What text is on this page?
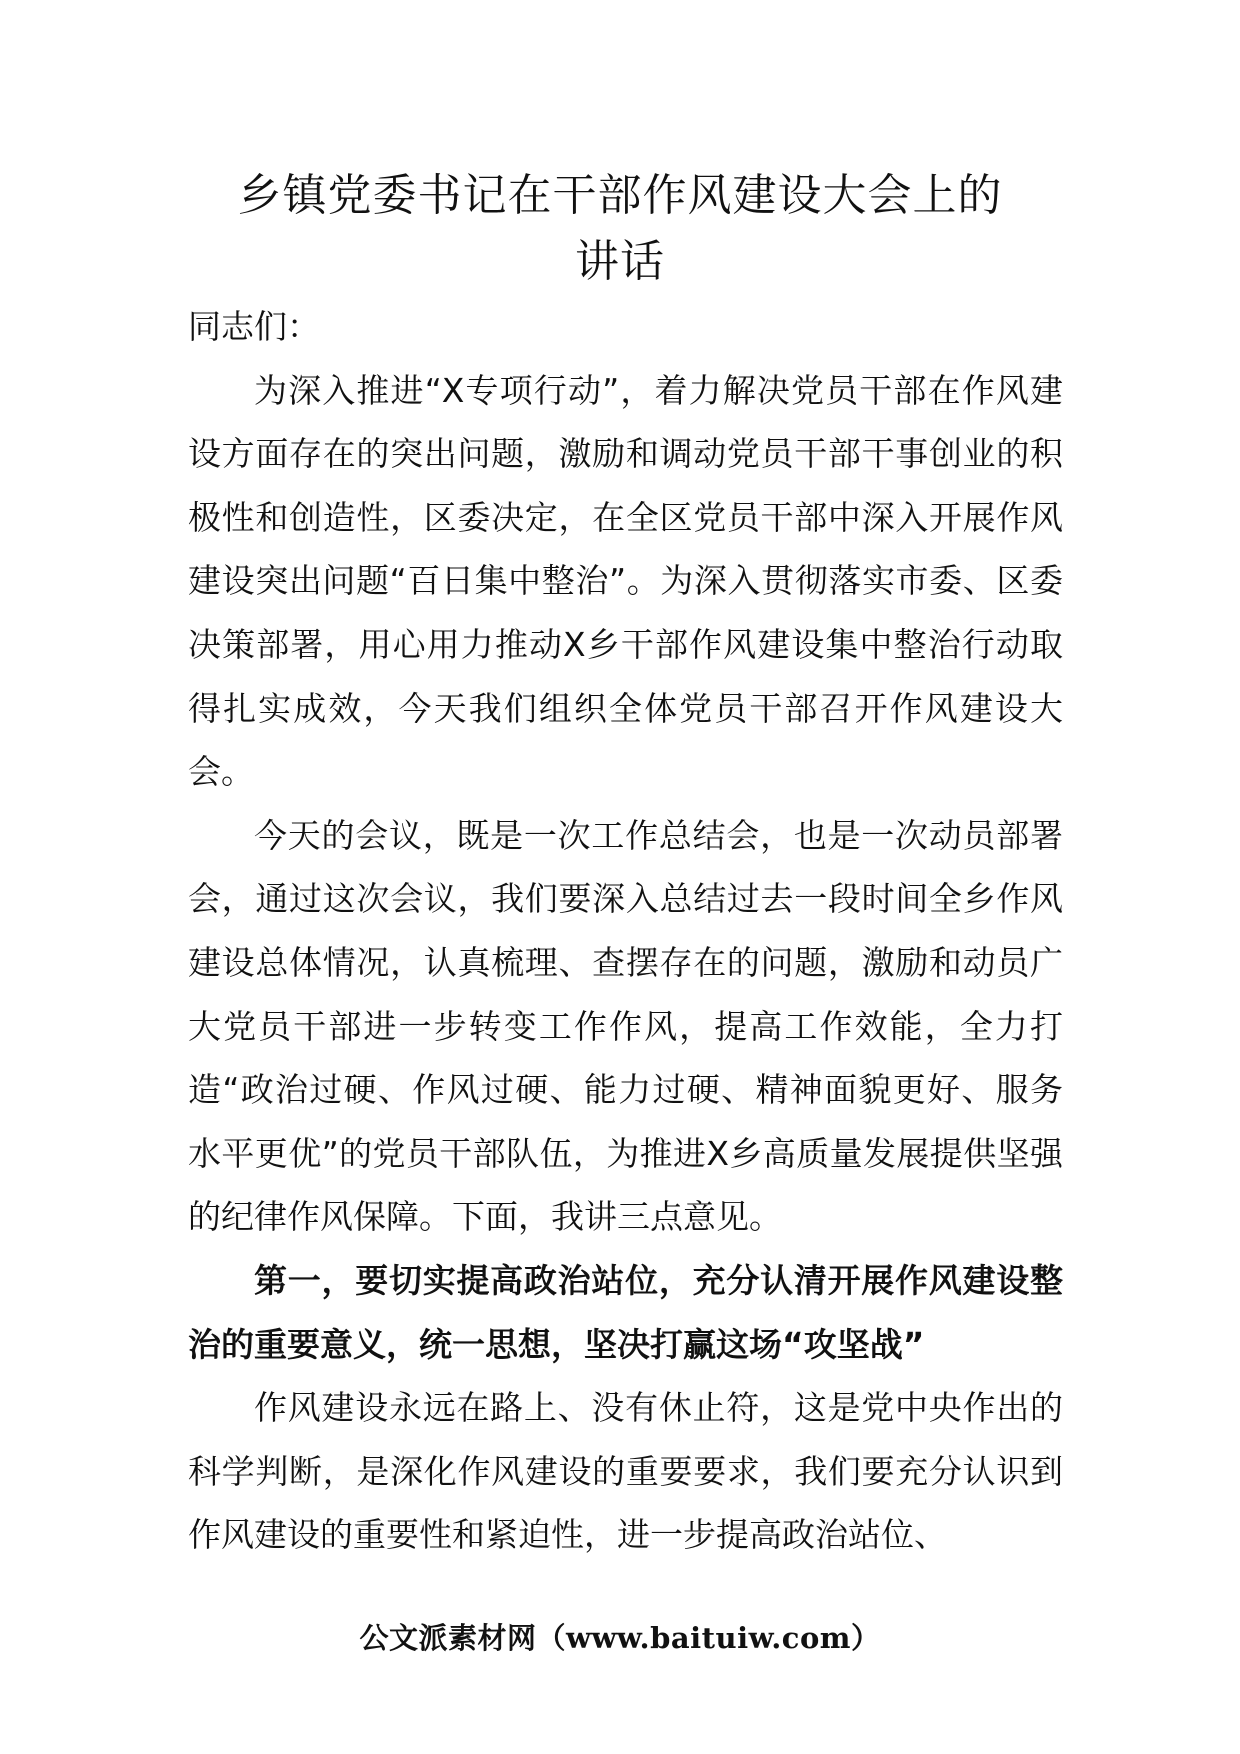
乡镇党委书记在干部作风建设大会上的
讲话

同志们：

为深入推进“X专项行动”，着力解决党员干部在作风建设方面存在的突出问题，激励和调动党员干部干事创业的积极性和创造性，区委决定，在全区党员干部中深入开展作风建设突出问题“百日集中整治”。为深入贯彻落实市委、区委决策部署，用心用力推动X乡干部作风建设集中整治行动取得扎实成效，今天我们组织全体党员干部召开作风建设大会。

今天的会议，既是一次工作总结会，也是一次动员部署会，通过这次会议，我们要深入总结过去一段时间全乡作风建设总体情况，认真梳理、查摆存在的问题，激励和动员广大党员干部进一步转变工作作风，提高工作效能，全力打造“政治过硬、作风过硬、能力过硬、精神面貌更好、服务水平更优”的党员干部队伍，为推进X乡高质量发展提供坚强的纪律作风保障。下面，我讲三点意见。

第一，要切实提高政治站位，充分认清开展作风建设整治的重要意义，统一思想，坚决打赢这场“攻坚战”

作风建设永远在路上、没有休止符，这是党中央作出的科学判断，是深化作风建设的重要要求，我们要充分认识到作风建设的重要性和紧迫性，进一步提高政治站位、

公文派素材网（www.baituiw.com）
